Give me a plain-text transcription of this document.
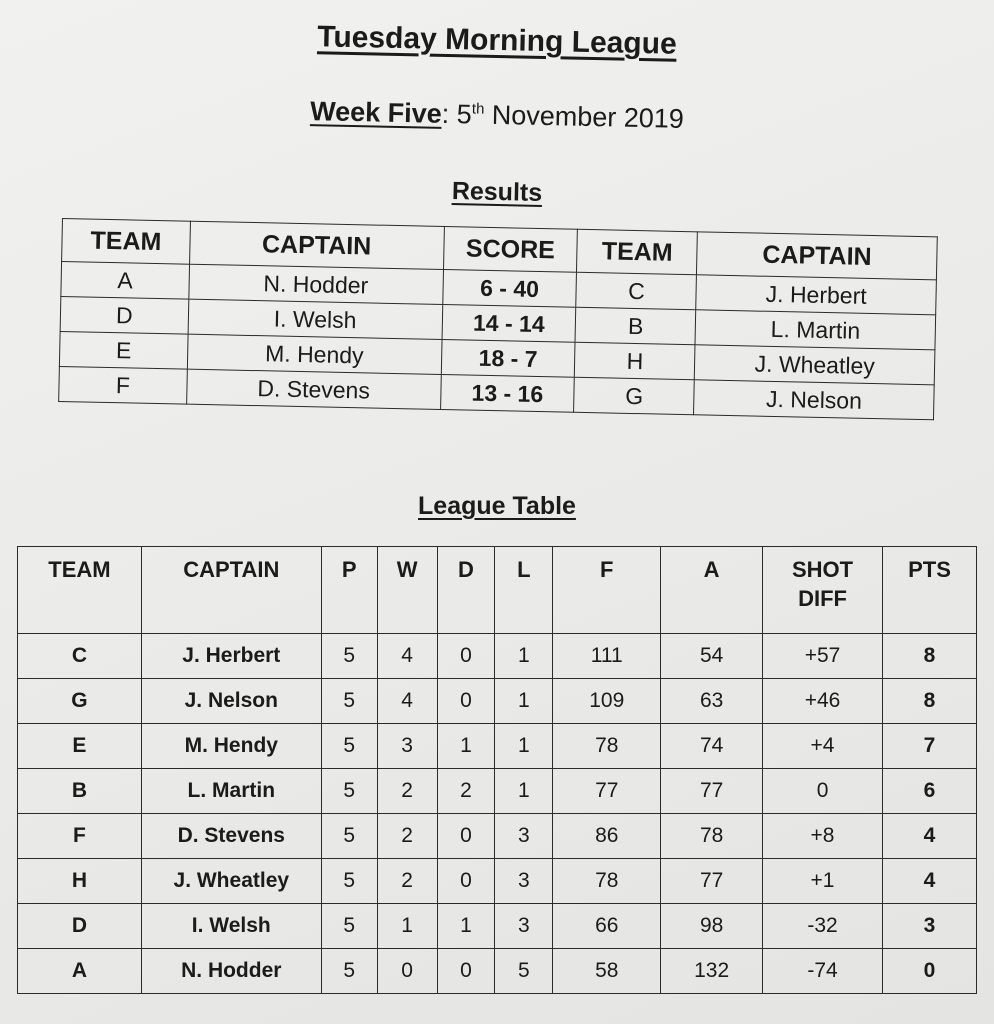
Tuesday Morning League
Week Five: 5th November 2019
Results
TEAM	CAPTAIN	SCORE	TEAM	CAPTAIN
A	N. Hodder	6 - 40	C	J. Herbert
D	I. Welsh	14 - 14	B	L. Martin
E	M. Hendy	18 - 7	H	J. Wheatley
F	D. Stevens	13 - 16	G	J. Nelson
League Table
TEAM	CAPTAIN	P	W	D	L	F	A	SHOT DIFF	PTS
C	J. Herbert	5	4	0	1	111	54	+57	8
G	J. Nelson	5	4	0	1	109	63	+46	8
E	M. Hendy	5	3	1	1	78	74	+4	7
B	L. Martin	5	2	2	1	77	77	0	6
F	D. Stevens	5	2	0	3	86	78	+8	4
H	J. Wheatley	5	2	0	3	78	77	+1	4
D	I. Welsh	5	1	1	3	66	98	-32	3
A	N. Hodder	5	0	0	5	58	132	-74	0
